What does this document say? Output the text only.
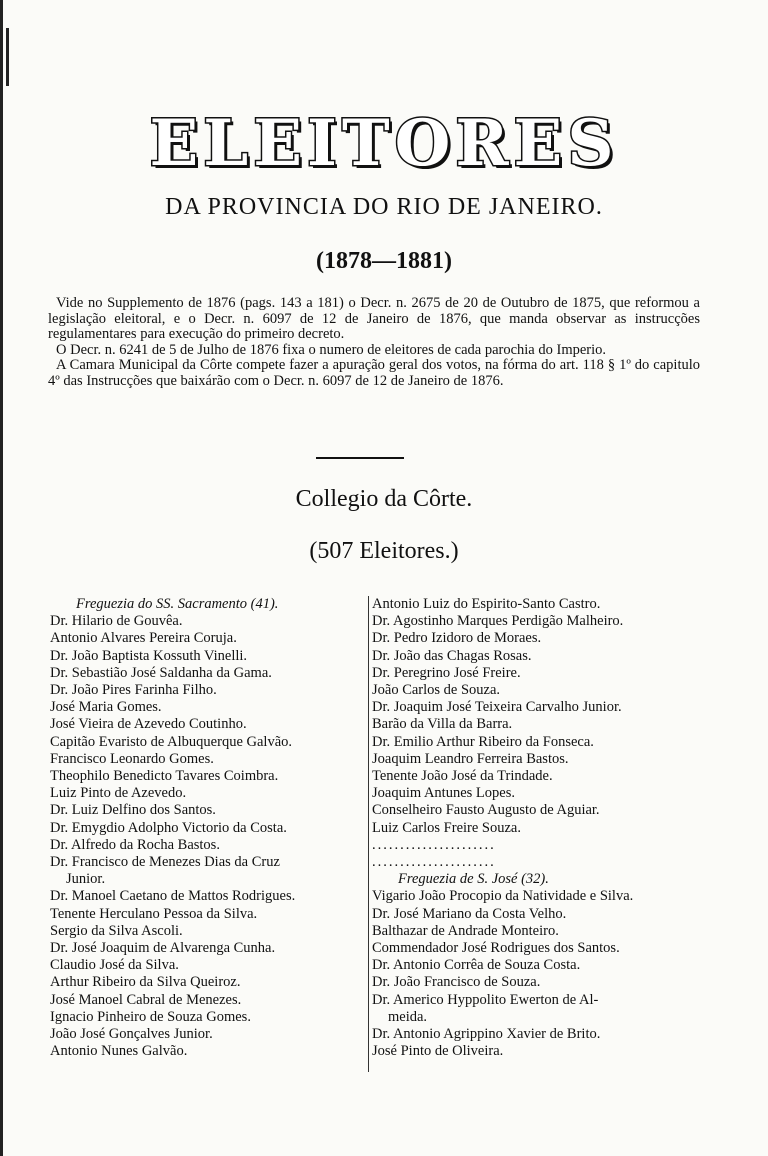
ELEITORES
DA PROVINCIA DO RIO DE JANEIRO.
(1878—1881)

Vide no Supplemento de 1876 (pags. 143 a 181) o Decr. n. 2675 de 20 de Outubro de 1875, que reformou a legislação eleitoral, e o Decr. n. 6097 de 12 de Janeiro de 1876, que manda observar as instrucções regulamentares para execução do primeiro decreto.

O Decr. n. 6241 de 5 de Julho de 1876 fixa o numero de eleitores de cada parochia do Imperio.

A Camara Municipal da Côrte compete fazer a apuração geral dos votos, na fórma do art. 118 § 1º do capitulo 4º das Instrucções que baixárão com o Decr. n. 6097 de 12 de Janeiro de 1876.

Collegio da Côrte.
(507 Eleitores.)
Freguezia do SS. Sacramento (41).
Dr. Hilario de Gouvêa.
Antonio Alvares Pereira Coruja.
Dr. João Baptista Kossuth Vinelli.
Dr. Sebastião José Saldanha da Gama.
Dr. João Pires Farinha Filho.
José Maria Gomes.
José Vieira de Azevedo Coutinho.
Capitão Evaristo de Albuquerque Galvão.
Francisco Leonardo Gomes.
Theophilo Benedicto Tavares Coimbra.
Luiz Pinto de Azevedo.
Dr. Luiz Delfino dos Santos.
Dr. Emygdio Adolpho Victorio da Costa.
Dr. Alfredo da Rocha Bastos.
Dr. Francisco de Menezes Dias da Cruz
Junior.
Dr. Manoel Caetano de Mattos Rodrigues.
Tenente Herculano Pessoa da Silva.
Sergio da Silva Ascoli.
Dr. José Joaquim de Alvarenga Cunha.
Claudio José da Silva.
Arthur Ribeiro da Silva Queiroz.
José Manoel Cabral de Menezes.
Ignacio Pinheiro de Souza Gomes.
João José Gonçalves Junior.
Antonio Nunes Galvão.
Antonio Luiz do Espirito-Santo Castro.
Dr. Agostinho Marques Perdigão Malheiro.
Dr. Pedro Izidoro de Moraes.
Dr. João das Chagas Rosas.
Dr. Peregrino José Freire.
João Carlos de Souza.
Dr. Joaquim José Teixeira Carvalho Junior.
Barão da Villa da Barra.
Dr. Emilio Arthur Ribeiro da Fonseca.
Joaquim Leandro Ferreira Bastos.
Tenente João José da Trindade.
Joaquim Antunes Lopes.
Conselheiro Fausto Augusto de Aguiar.
Luiz Carlos Freire Souza.
......................
......................
Freguezia de S. José (32).
Vigario João Procopio da Natividade e Silva.
Dr. José Mariano da Costa Velho.
Balthazar de Andrade Monteiro.
Commendador José Rodrigues dos Santos.
Dr. Antonio Corrêa de Souza Costa.
Dr. João Francisco de Souza.
Dr. Americo Hyppolito Ewerton de Al-
meida.
Dr. Antonio Agrippino Xavier de Brito.
José Pinto de Oliveira.
